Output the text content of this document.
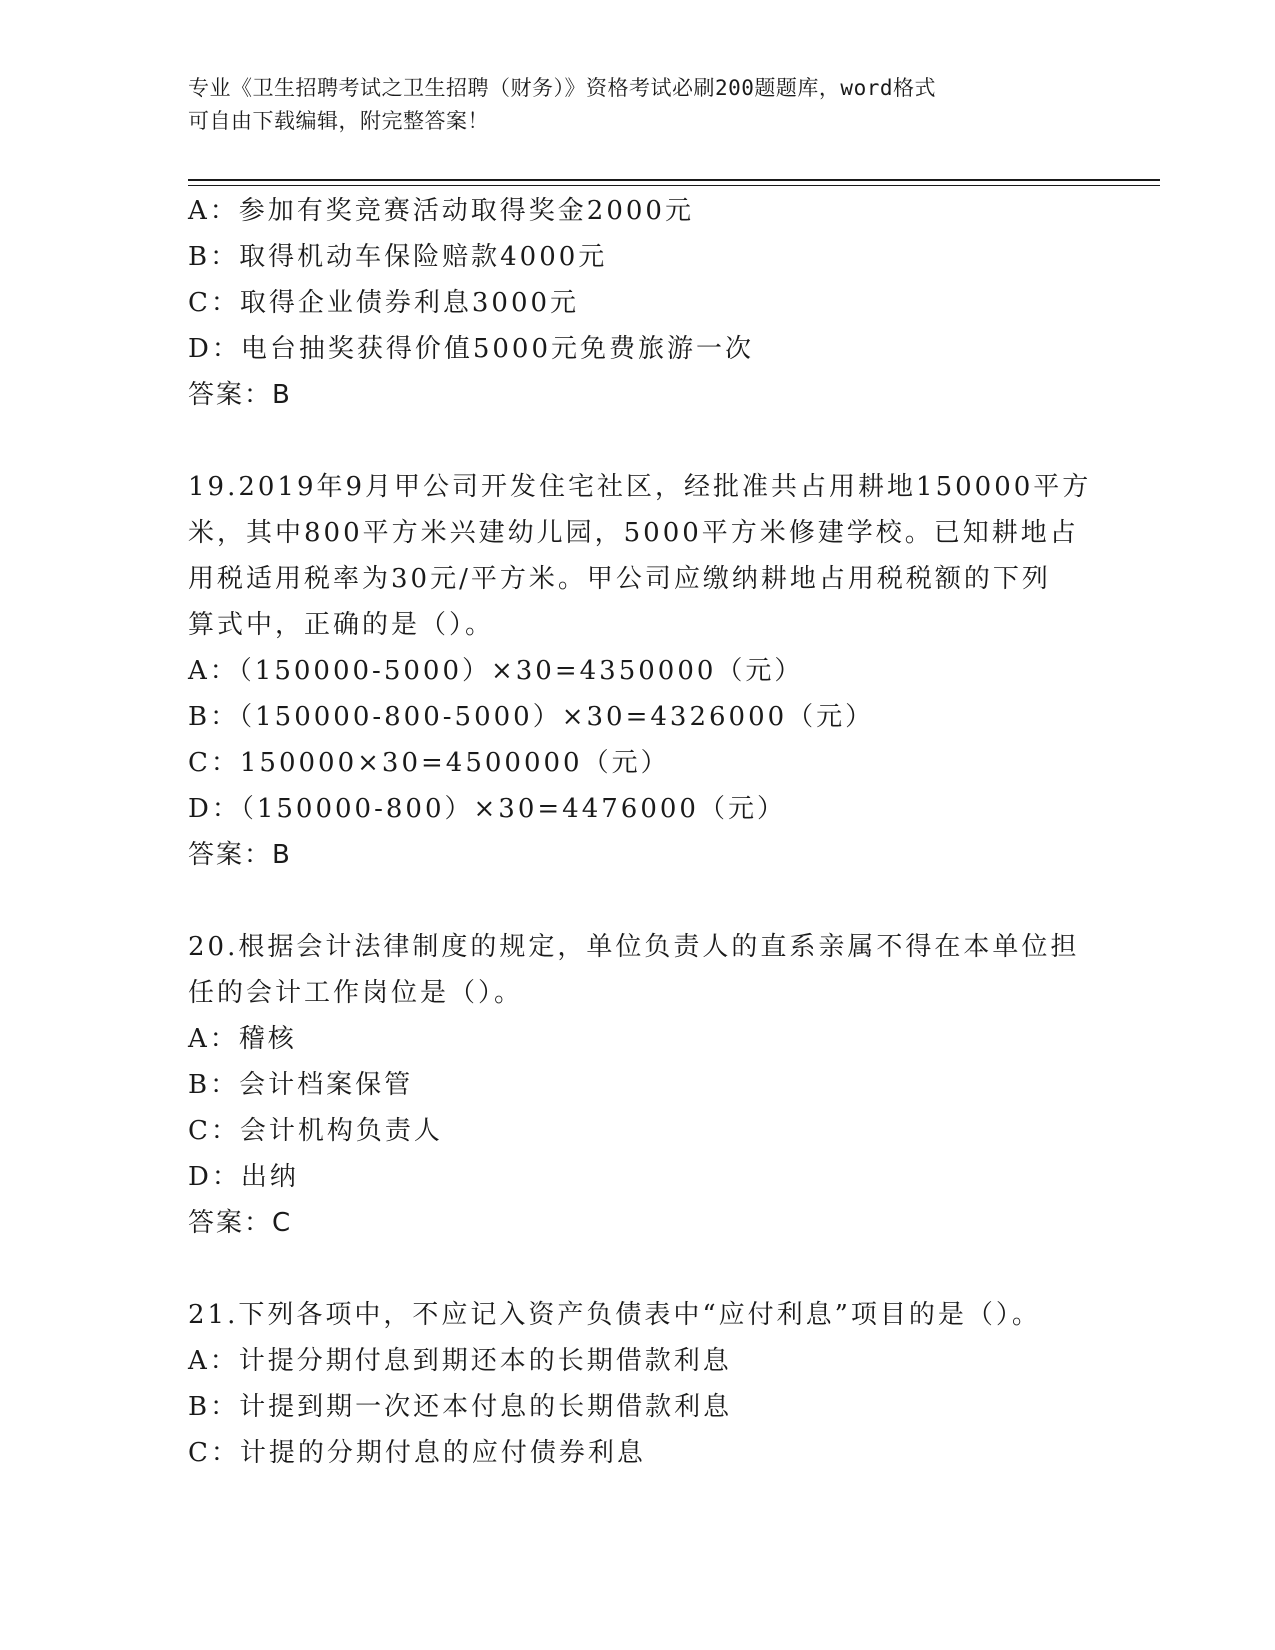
专业《卫生招聘考试之卫生招聘（财务）》资格考试必刷200题题库，word格式
可自由下载编辑，附完整答案！
A：参加有奖竞赛活动取得奖金2000元
B：取得机动车保险赔款4000元
C：取得企业债券利息3000元
D：电台抽奖获得价值5000元免费旅游一次
答案：B
19.2019年9月甲公司开发住宅社区，经批准共占用耕地150000平方
米，其中800平方米兴建幼儿园，5000平方米修建学校。已知耕地占
用税适用税率为30元/平方米。甲公司应缴纳耕地占用税税额的下列
算式中，正确的是（）。
A：（150000-5000）×30=4350000（元）
B：（150000-800-5000）×30=4326000（元）
C：150000×30=4500000（元）
D：（150000-800）×30=4476000（元）
答案：B
20.根据会计法律制度的规定，单位负责人的直系亲属不得在本单位担
任的会计工作岗位是（）。
A：稽核
B：会计档案保管
C：会计机构负责人
D：出纳
答案：C
21.下列各项中，不应记入资产负债表中“应付利息”项目的是（）。
A：计提分期付息到期还本的长期借款利息
B：计提到期一次还本付息的长期借款利息
C：计提的分期付息的应付债券利息
